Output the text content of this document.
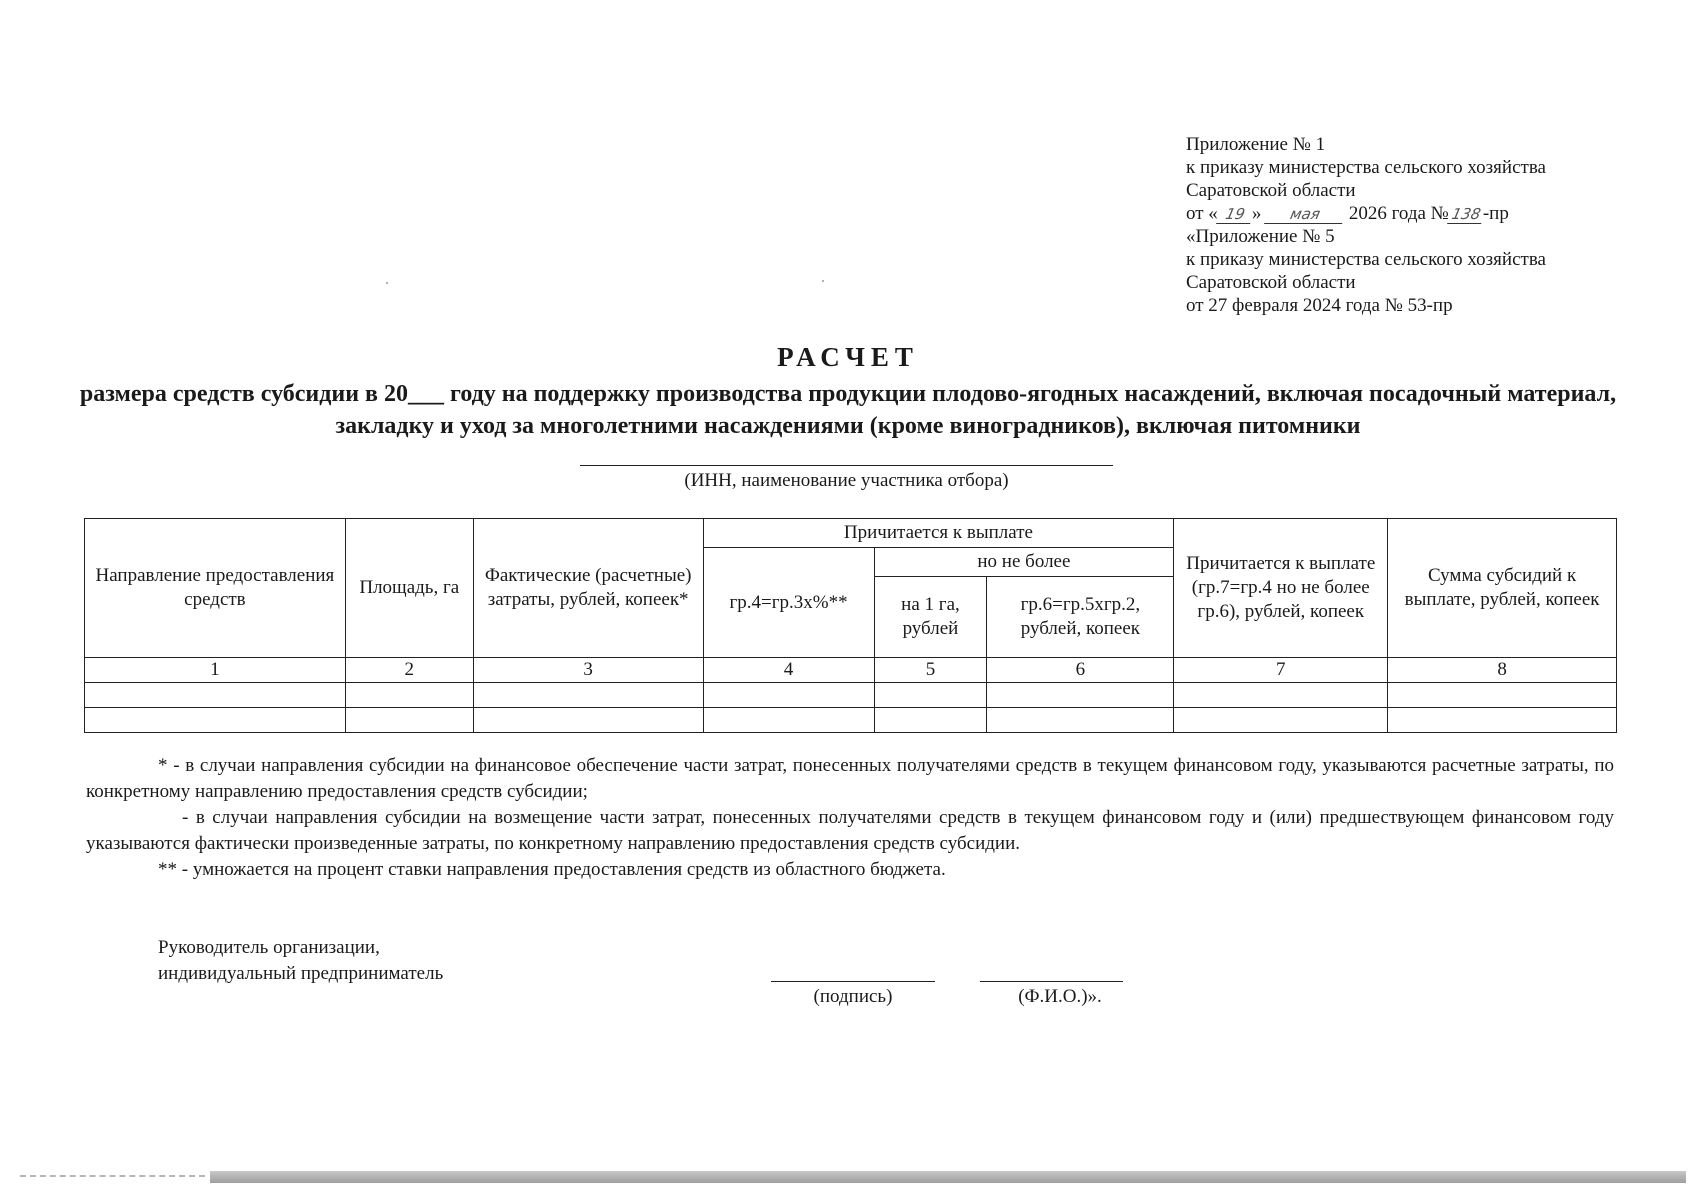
Приложение № 1
к приказу министерства сельского хозяйства
Саратовской области
от « 19 » мая 2026 года №138-пр
«Приложение № 5
к приказу министерства сельского хозяйства
Саратовской области
от 27 февраля 2024 года № 53-пр
РАСЧЕТ
размера средств субсидии в 20___ году на поддержку производства продукции плодово-ягодных насаждений, включая посадочный материал, закладку и уход за многолетними насаждениями (кроме виноградников), включая питомники
(ИНН, наименование участника отбора)
Направление предоставления средств	Площадь, га	Фактические (расчетные) затраты, рублей, копеек*	Причитается к выплате			Причитается к выплате (гр.7=гр.4 но не более гр.6), рублей, копеек	Сумма субсидий к выплате, рублей, копеек
			гр.4=гр.3х%**	но не более			
				на 1 га, рублей	гр.6=гр.5хгр.2, рублей, копеек		
1	2	3	4	5	6	7	8

* - в случаи направления субсидии на финансовое обеспечение части затрат, понесенных получателями средств в текущем финансовом году, указываются расчетные затраты, по конкретному направлению предоставления средств субсидии;

- в случаи направления субсидии на возмещение части затрат, понесенных получателями средств в текущем финансовом году и (или) предшествующем финансовом году указываются фактически произведенные затраты, по конкретному направлению предоставления средств субсидии.

** - умножается на процент ставки направления предоставления средств из областного бюджета.

Руководитель организации,
индивидуальный предприниматель
(подпись)	(Ф.И.О.)».
